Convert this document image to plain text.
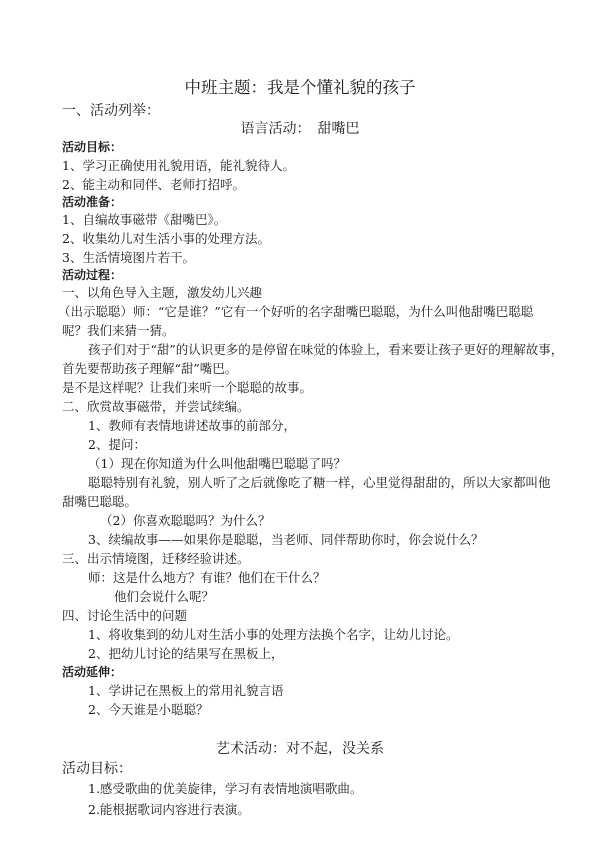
中班主题：我是个懂礼貌的孩子
一、活动列举：
语言活动：　甜嘴巴
活动目标：
1、学习正确使用礼貌用语，能礼貌待人。
2、能主动和同伴、老师打招呼。
活动准备：
1、自编故事磁带《甜嘴巴》。
2、收集幼儿对生活小事的处理方法。
3、生活情境图片若干。
活动过程：
一、以角色导入主题，激发幼儿兴趣
（出示聪聪）师：“它是谁？”它有一个好听的名字甜嘴巴聪聪，为什么叫他甜嘴巴聪聪
呢？我们来猜一猜。
孩子们对于“甜”的认识更多的是停留在味觉的体验上，看来要让孩子更好的理解故事，
首先要帮助孩子理解“甜”嘴巴。
是不是这样呢？让我们来听一个聪聪的故事。
二、欣赏故事磁带，并尝试续编。
1、教师有表情地讲述故事的前部分，
2、提问：
（1）现在你知道为什么叫他甜嘴巴聪聪了吗？
聪聪特别有礼貌，别人听了之后就像吃了糖一样，心里觉得甜甜的，所以大家都叫他
甜嘴巴聪聪。
（2）你喜欢聪聪吗？为什么？
3、续编故事——如果你是聪聪，当老师、同伴帮助你时，你会说什么？
三、出示情境图，迁移经验讲述。
师：这是什么地方？有谁？他们在干什么？
他们会说什么呢？
四、讨论生活中的问题
1、将收集到的幼儿对生活小事的处理方法换个名字，让幼儿讨论。
2、把幼儿讨论的结果写在黑板上，
活动延伸：
1、学讲记在黑板上的常用礼貌言语
2、今天谁是小聪聪？
艺术活动：对不起，没关系
活动目标：
1.感受歌曲的优美旋律，学习有表情地演唱歌曲。
2.能根据歌词内容进行表演。
